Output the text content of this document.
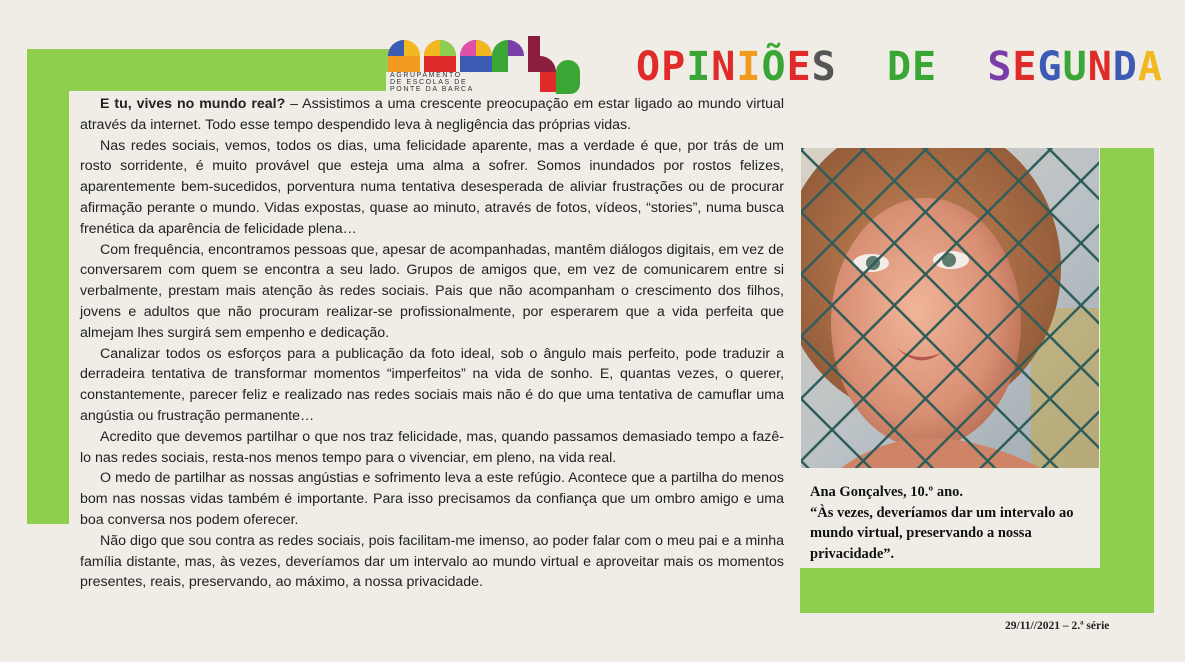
AGRUPAMENTO
DE ESCOLAS DE
PONTE DA BARCA	OPINIÕES DE SEGUNDA

E tu, vives no mundo real? – Assistimos a uma crescente preocupação em estar ligado ao mundo virtual através da internet. Todo esse tempo despendido leva à negligência das próprias vidas.

Nas redes sociais, vemos, todos os dias, uma felicidade aparente, mas a verdade é que, por trás de um rosto sorridente, é muito provável que esteja uma alma a sofrer. Somos inundados por rostos felizes, aparentemente bem-sucedidos, porventura numa tentativa desesperada de aliviar frustrações ou de procurar afirmação perante o mundo. Vidas expostas, quase ao minuto, através de fotos, vídeos, “stories”, numa busca frenética da aparência de felicidade plena…

Com frequência, encontramos pessoas que, apesar de acompanhadas, mantêm diálogos digitais, em vez de conversarem com quem se encontra a seu lado. Grupos de amigos que, em vez de comunicarem entre si verbalmente, prestam mais atenção às redes sociais. Pais que não acompanham o crescimento dos filhos, jovens e adultos que não procuram realizar-se profissionalmente, por esperarem que a vida perfeita que almejam lhes surgirá sem empenho e dedicação.

Canalizar todos os esforços para a publicação da foto ideal, sob o ângulo mais perfeito, pode traduzir a derradeira tentativa de transformar momentos “imperfeitos” na vida de sonho. E, quantas vezes, o querer, constantemente, parecer feliz e realizado nas redes sociais mais não é do que uma tentativa de camuflar uma angústia ou frustração permanente…

Acredito que devemos partilhar o que nos traz felicidade, mas, quando passamos demasiado tempo a fazê-lo nas redes sociais, resta-nos menos tempo para o vivenciar, em pleno, na vida real.

O medo de partilhar as nossas angústias e sofrimento leva a este refúgio. Acontece que a partilha do menos bom nas nossas vidas também é importante. Para isso precisamos da confiança que um ombro amigo e uma boa conversa nos podem oferecer.

Não digo que sou contra as redes sociais, pois facilitam-me imenso, ao poder falar com o meu pai e a minha família distante, mas, às vezes, deveríamos dar um intervalo ao mundo virtual e aproveitar mais os momentos presentes, reais, preservando, ao máximo, a nossa privacidade.

Ana Gonçalves, 10.º ano.
“Às vezes, deveríamos dar um intervalo ao mundo virtual, preservando a nossa privacidade”.
29/11//2021 – 2.ª série
